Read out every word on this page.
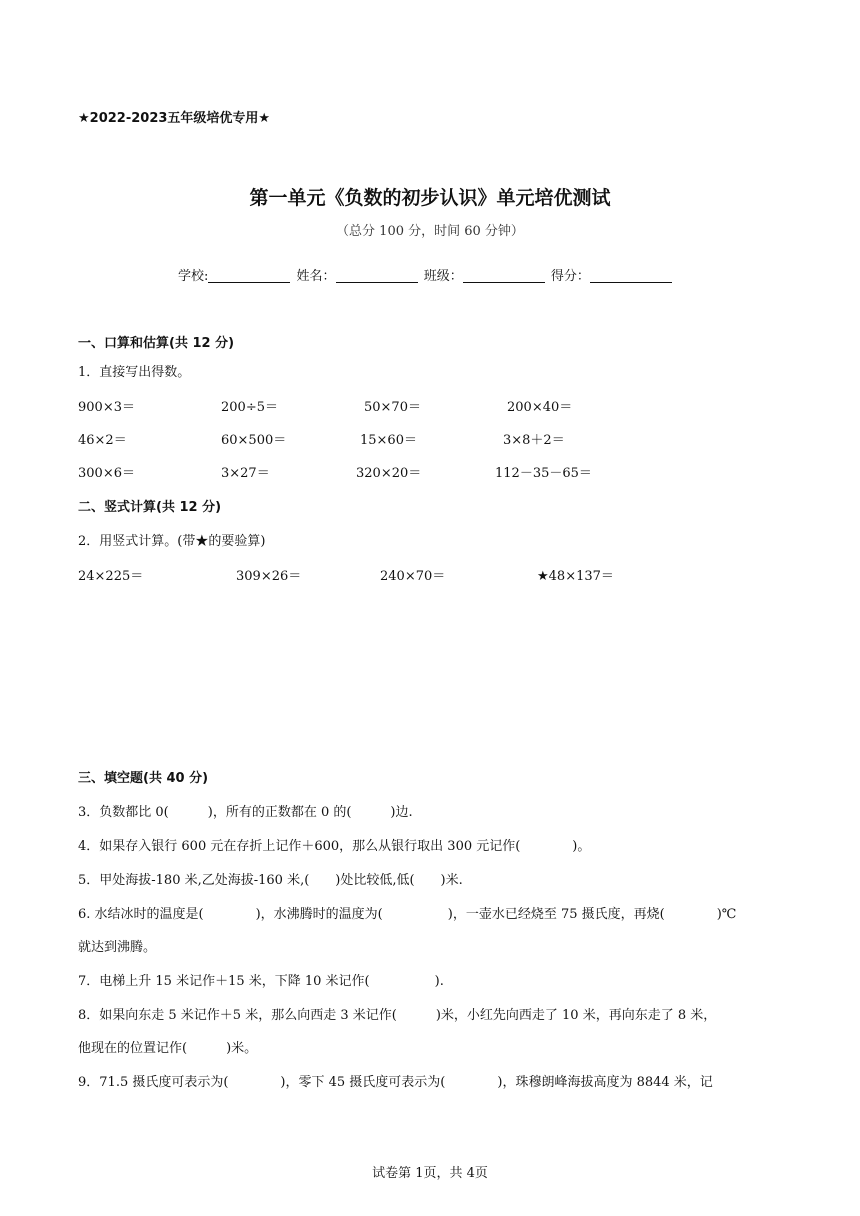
★2022-2023五年级培优专用★
第一单元《负数的初步认识》单元培优测试
（总分 100 分，时间 60 分钟）
学校:	姓名：	班级：	得分：
一、口算和估算(共 12 分)
1．直接写出得数。
900×3＝	200÷5＝	50×70＝	200×40＝
46×2＝	60×500＝	15×60＝	3×8＋2＝
300×6＝	3×27＝	320×20＝	112－35－65＝
二、竖式计算(共 12 分)
2．用竖式计算。(带★的要验算)
24×225＝	309×26＝	240×70＝	★48×137＝
三、填空题(共 40 分)
3．负数都比 0(　　　)，所有的正数都在 0 的(　　　)边.
4．如果存入银行 600 元在存折上记作＋600，那么从银行取出 300 元记作(　　　　)。
5．甲处海拔-180 米,乙处海拔-160 米,(　　)处比较低,低(　　)米.
6. 水结冰时的温度是(　　　　)，水沸腾时的温度为(　　　　　)，一壶水已经烧至 75 摄氏度，再烧(　　　　)℃
就达到沸腾。
7．电梯上升 15 米记作＋15 米，下降 10 米记作(　　　　　).
8．如果向东走 5 米记作＋5 米，那么向西走 3 米记作(　　　)米，小红先向西走了 10 米，再向东走了 8 米，
他现在的位置记作(　　　)米。
9．71.5 摄氏度可表示为(　　　　)，零下 45 摄氏度可表示为(　　　　)，珠穆朗峰海拔高度为 8844 米，记
试卷第 1页，共 4页
